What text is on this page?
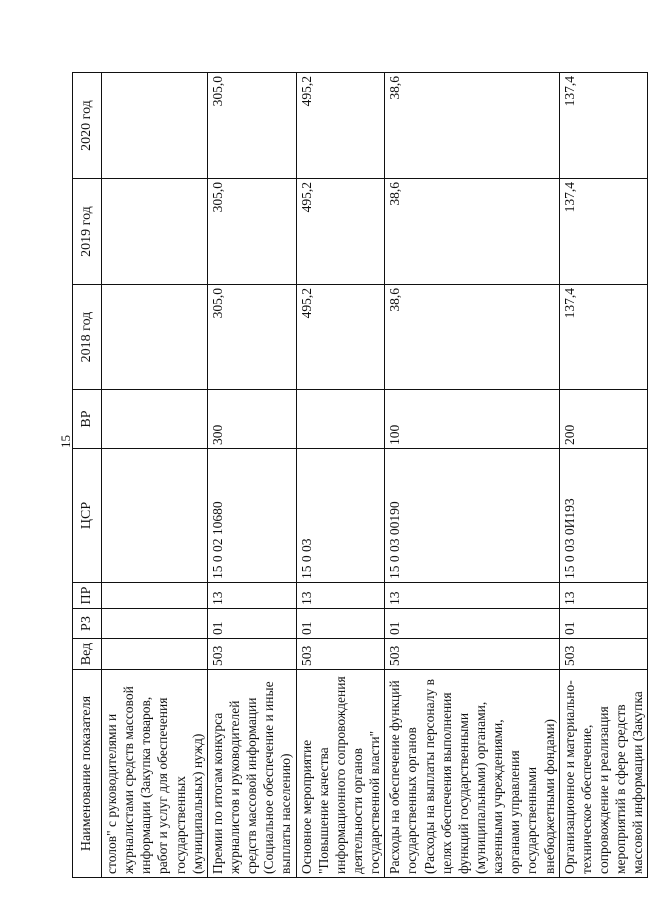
15
Наименование показателя	Вед	РЗ	ПР	ЦСР	ВР	2018 год	2019 год	2020 год
столов" с руководителями и журналистами средств массовой информации (Закупка товаров, работ и услуг для обеспечения государственных (муниципальных) нужд)								
Премии по итогам конкурса журналистов и руководителей средств массовой информации (Социальное обеспечение и иные выплаты населению)	503	01	13	15 0 02 10680	300	305,0	305,0	305,0
Основное мероприятие "Повышение качества информационного сопровождения деятельности органов государственной власти"	503	01	13	15 0 03		495,2	495,2	495,2
Расходы на обеспечение функций государственных органов (Расходы на выплаты персоналу в целях обеспечения выполнения функций государственными (муниципальными) органами, казенными учреждениями, органами управления государственными внебюджетными фондами)	503	01	13	15 0 03 00190	100	38,6	38,6	38,6
Организационное и материально-техническое обеспечение, сопровождение и реализация мероприятий в сфере средств массовой информации (Закупка	503	01	13	15 0 03 0И193	200	137,4	137,4	137,4
